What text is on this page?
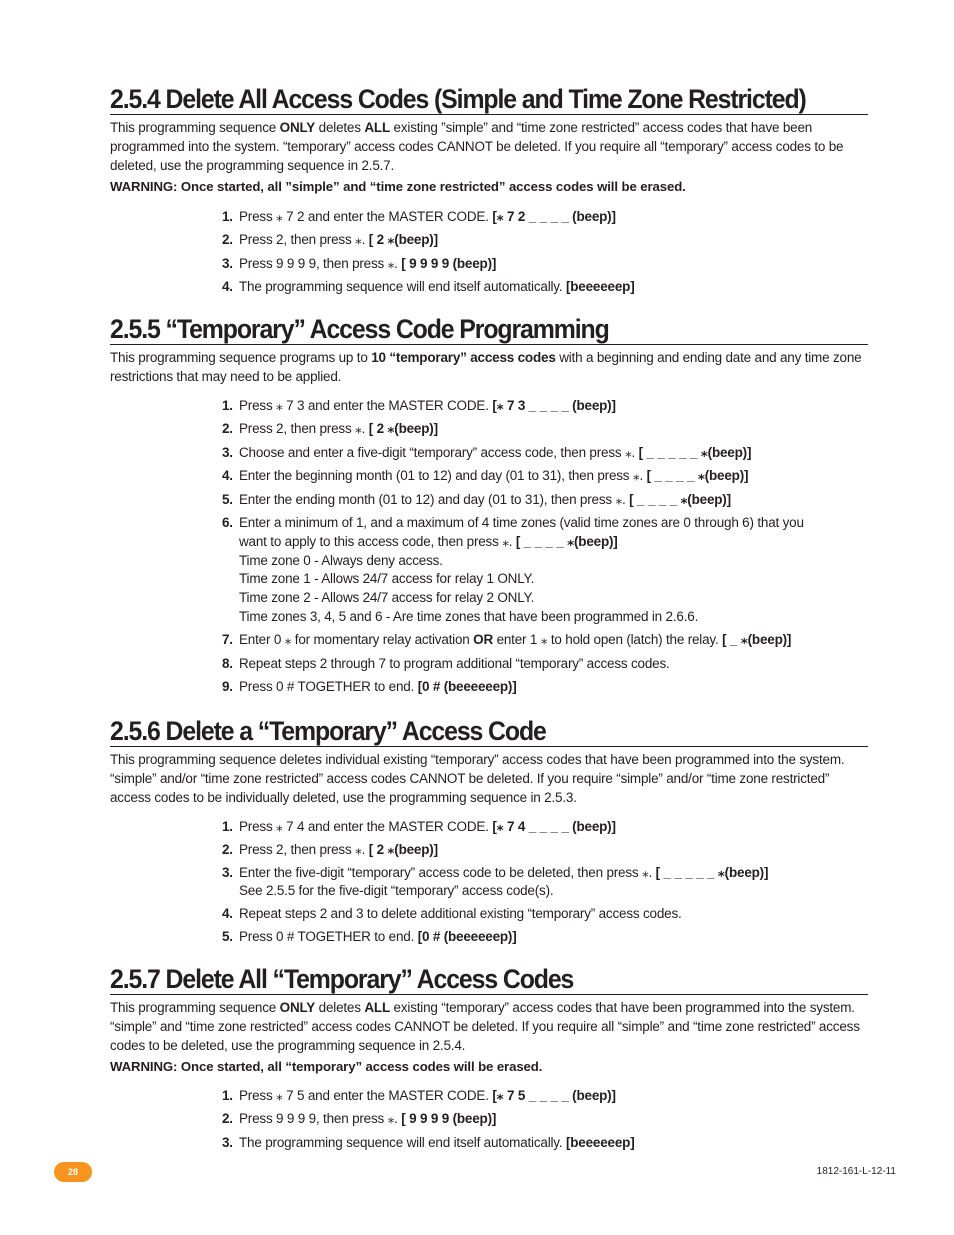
2.5.4 Delete All Access Codes (Simple and Time Zone Restricted)

This programming sequence ONLY deletes ALL existing ”simple” and “time zone restricted” access codes that have been programmed into the system. “temporary” access codes CANNOT be deleted. If you require all “temporary” access codes to be deleted, use the programming sequence in 2.5.7.

WARNING: Once started, all ”simple” and “time zone restricted” access codes will be erased.
1. Press ⁎ 7 2 and enter the MASTER CODE. [⁎ 7 2 _ _ _ _ (beep)]
2. Press 2, then press ⁎. [ 2 ⁎(beep)]
3. Press 9 9 9 9, then press ⁎. [ 9 9 9 9 (beep)]
4. The programming sequence will end itself automatically. [beeeeeep]
2.5.5 “Temporary” Access Code Programming

This programming sequence programs up to 10 “temporary” access codes with a beginning and ending date and any time zone restrictions that may need to be applied.

1. Press ⁎ 7 3 and enter the MASTER CODE. [⁎ 7 3 _ _ _ _ (beep)]
2. Press 2, then press ⁎. [ 2 ⁎(beep)]
3. Choose and enter a five-digit “temporary” access code, then press ⁎. [ _ _ _ _ _ ⁎(beep)]
4. Enter the beginning month (01 to 12) and day (01 to 31), then press ⁎. [ _ _ _ _ ⁎(beep)]
5. Enter the ending month (01 to 12) and day (01 to 31), then press ⁎. [ _ _ _ _ ⁎(beep)]
6. Enter a minimum of 1, and a maximum of 4 time zones (valid time zones are 0 through 6) that you
want to apply to this access code, then press ⁎. [ _ _ _ _ ⁎(beep)]
Time zone 0 - Always deny access.
Time zone 1 - Allows 24/7 access for relay 1 ONLY.
Time zone 2 - Allows 24/7 access for relay 2 ONLY.
Time zones 3, 4, 5 and 6 - Are time zones that have been programmed in 2.6.6.
7. Enter 0 ⁎ for momentary relay activation OR enter 1 ⁎ to hold open (latch) the relay. [ _ ⁎(beep)]
8. Repeat steps 2 through 7 to program additional “temporary” access codes.
9. Press 0 # TOGETHER to end. [0 # (beeeeeep)]
2.5.6 Delete a “Temporary” Access Code

This programming sequence deletes individual existing “temporary” access codes that have been programmed into the system. “simple” and/or “time zone restricted” access codes CANNOT be deleted. If you require “simple” and/or “time zone restricted” access codes to be individually deleted, use the programming sequence in 2.5.3.

1. Press ⁎ 7 4 and enter the MASTER CODE. [⁎ 7 4 _ _ _ _ (beep)]
2. Press 2, then press ⁎. [ 2 ⁎(beep)]
3. Enter the five-digit “temporary” access code to be deleted, then press ⁎. [ _ _ _ _ _ ⁎(beep)]
See 2.5.5 for the five-digit “temporary” access code(s).
4. Repeat steps 2 and 3 to delete additional existing “temporary” access codes.
5. Press 0 # TOGETHER to end. [0 # (beeeeeep)]
2.5.7 Delete All “Temporary” Access Codes

This programming sequence ONLY deletes ALL existing “temporary” access codes that have been programmed into the system. “simple” and “time zone restricted” access codes CANNOT be deleted. If you require all “simple” and “time zone restricted” access codes to be deleted, use the programming sequence in 2.5.4.

WARNING: Once started, all “temporary” access codes will be erased.
1. Press ⁎ 7 5 and enter the MASTER CODE. [⁎ 7 5 _ _ _ _ (beep)]
2. Press 9 9 9 9, then press ⁎. [ 9 9 9 9 (beep)]
3. The programming sequence will end itself automatically. [beeeeeep]
28	1812-161-L-12-11
